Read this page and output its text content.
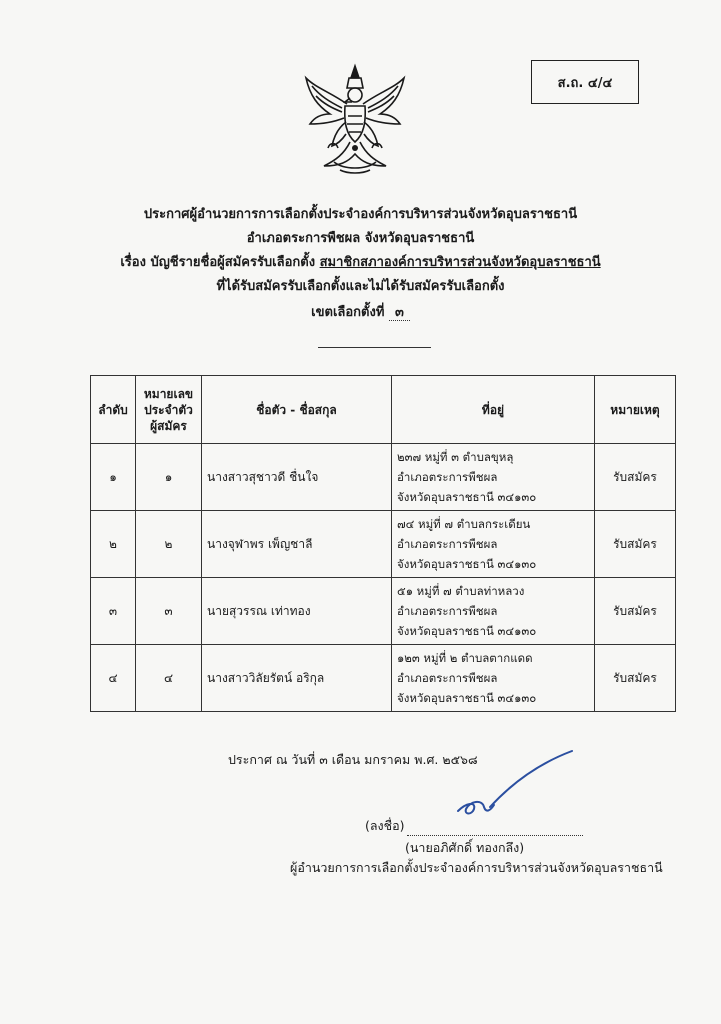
ส.ถ. ๔/๔
ประกาศผู้อำนวยการการเลือกตั้งประจำองค์การบริหารส่วนจังหวัดอุบลราชธานี
อำเภอตระการพืชผล จังหวัดอุบลราชธานี
เรื่อง บัญชีรายชื่อผู้สมัครรับเลือกตั้ง สมาชิกสภาองค์การบริหารส่วนจังหวัดอุบลราชธานี
ที่ได้รับสมัครรับเลือกตั้งและไม่ได้รับสมัครรับเลือกตั้ง
เขตเลือกตั้งที่ ๓
ลำดับ	หมายเลข
ประจำตัว
ผู้สมัคร	ชื่อตัว - ชื่อสกุล	ที่อยู่	หมายเหตุ
๑	๑	นางสาวสุชาวดี ชื่นใจ	๒๓๗ หมู่ที่ ๓ ตำบลขุหลุ
อำเภอตระการพืชผล
จังหวัดอุบลราชธานี ๓๔๑๓๐	รับสมัคร
๒	๒	นางจุฬาพร เพ็ญชาลี	๗๔ หมู่ที่ ๗ ตำบลกระเดียน
อำเภอตระการพืชผล
จังหวัดอุบลราชธานี ๓๔๑๓๐	รับสมัคร
๓	๓	นายสุวรรณ เท่าทอง	๕๑ หมู่ที่ ๗ ตำบลท่าหลวง
อำเภอตระการพืชผล
จังหวัดอุบลราชธานี ๓๔๑๓๐	รับสมัคร
๔	๔	นางสาววิลัยรัตน์ อริกุล	๑๒๓ หมู่ที่ ๒ ตำบลตากแดด
อำเภอตระการพืชผล
จังหวัดอุบลราชธานี ๓๔๑๓๐	รับสมัคร
ประกาศ ณ วันที่ ๓ เดือน มกราคม พ.ศ. ๒๕๖๘
(ลงชื่อ)
(นายอภิศักดิ์ ทองกลึง)
ผู้อำนวยการการเลือกตั้งประจำองค์การบริหารส่วนจังหวัดอุบลราชธานี
